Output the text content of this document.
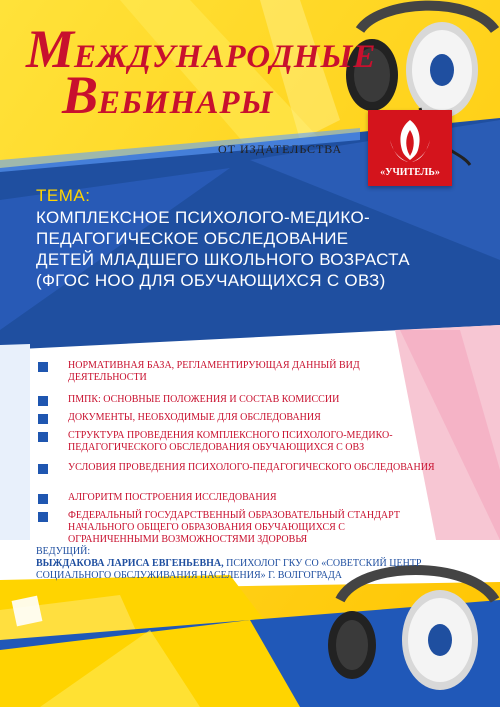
МЕЖДУНАРОДНЫЕ
ВЕБИНАРЫ
ОТ ИЗДАТЕЛЬСТВА
«УЧИТЕЛЬ»
ТЕМА:
КОМПЛЕКСНОЕ ПСИХОЛОГО-МЕДИКО-
ПЕДАГОГИЧЕСКОЕ ОБСЛЕДОВАНИЕ
ДЕТЕЙ МЛАДШЕГО ШКОЛЬНОГО ВОЗРАСТА
(ФГОС НОО ДЛЯ ОБУЧАЮЩИХСЯ С ОВЗ)
НОРМАТИВНАЯ БАЗА, РЕГЛАМЕНТИРУЮЩАЯ ДАННЫЙ ВИД ДЕЯТЕЛЬНОСТИ
ПМПК: ОСНОВНЫЕ ПОЛОЖЕНИЯ И СОСТАВ КОМИССИИ
ДОКУМЕНТЫ, НЕОБХОДИМЫЕ ДЛЯ ОБСЛЕДОВАНИЯ
СТРУКТУРА ПРОВЕДЕНИЯ КОМПЛЕКСНОГО ПСИХОЛОГО-МЕДИКО-ПЕДАГОГИЧЕСКОГО ОБСЛЕДОВАНИЯ ОБУЧАЮЩИХСЯ С ОВЗ
УСЛОВИЯ ПРОВЕДЕНИЯ ПСИХОЛОГО-ПЕДАГОГИЧЕСКОГО ОБСЛЕДОВАНИЯ
АЛГОРИТМ ПОСТРОЕНИЯ ИССЛЕДОВАНИЯ
ФЕДЕРАЛЬНЫЙ ГОСУДАРСТВЕННЫЙ ОБРАЗОВАТЕЛЬНЫЙ СТАНДАРТ НАЧАЛЬНОГО ОБЩЕГО ОБРАЗОВАНИЯ ОБУЧАЮЩИХСЯ С ОГРАНИЧЕННЫМИ ВОЗМОЖНОСТЯМИ ЗДОРОВЬЯ
ВЕДУЩИЙ:
ВЫЖДАКОВА ЛАРИСА ЕВГЕНЬЕВНА, ПСИХОЛОГ ГКУ СО «СОВЕТСКИЙ ЦЕНТР СОЦИАЛЬНОГО ОБСЛУЖИВАНИЯ НАСЕЛЕНИЯ» Г. ВОЛГОГРАДА
